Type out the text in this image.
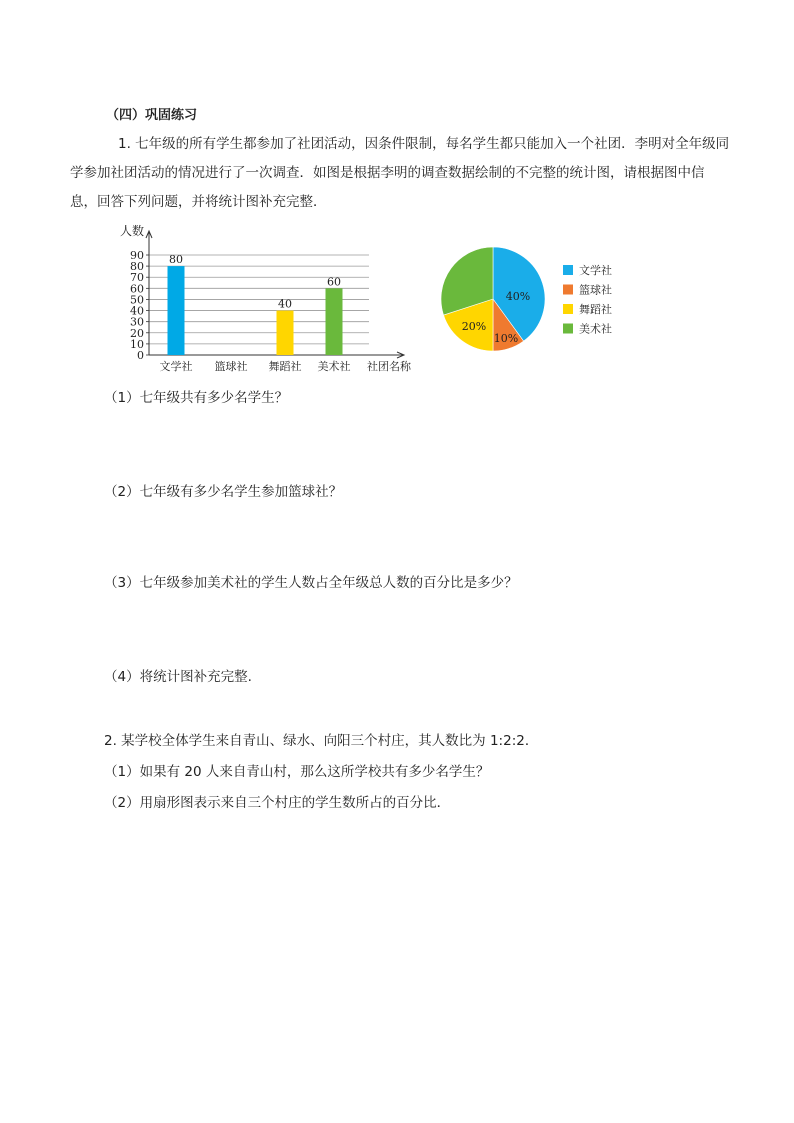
（四）巩固练习
1. 七年级的所有学生都参加了社团活动，因条件限制，每名学生都只能加入一个社团．李明对全年级同学参加社团活动的情况进行了一次调查．如图是根据李明的调查数据绘制的不完整的统计图，请根据图中信息，回答下列问题，并将统计图补充完整．
0
10
20
30
40
50
60
70
80
90 80
40
60
文学社 篮球社 舞蹈社 美术社
人数
社团名称
40%
10%
20%
文学社
篮球社
舞蹈社
美术社
（1）七年级共有多少名学生？
（2）七年级有多少名学生参加篮球社？
（3）七年级参加美术社的学生人数占全年级总人数的百分比是多少？
（4）将统计图补充完整.
2. 某学校全体学生来自青山、绿水、向阳三个村庄，其人数比为 1:2:2．
（1）如果有 20 人来自青山村，那么这所学校共有多少名学生？
（2）用扇形图表示来自三个村庄的学生数所占的百分比．
